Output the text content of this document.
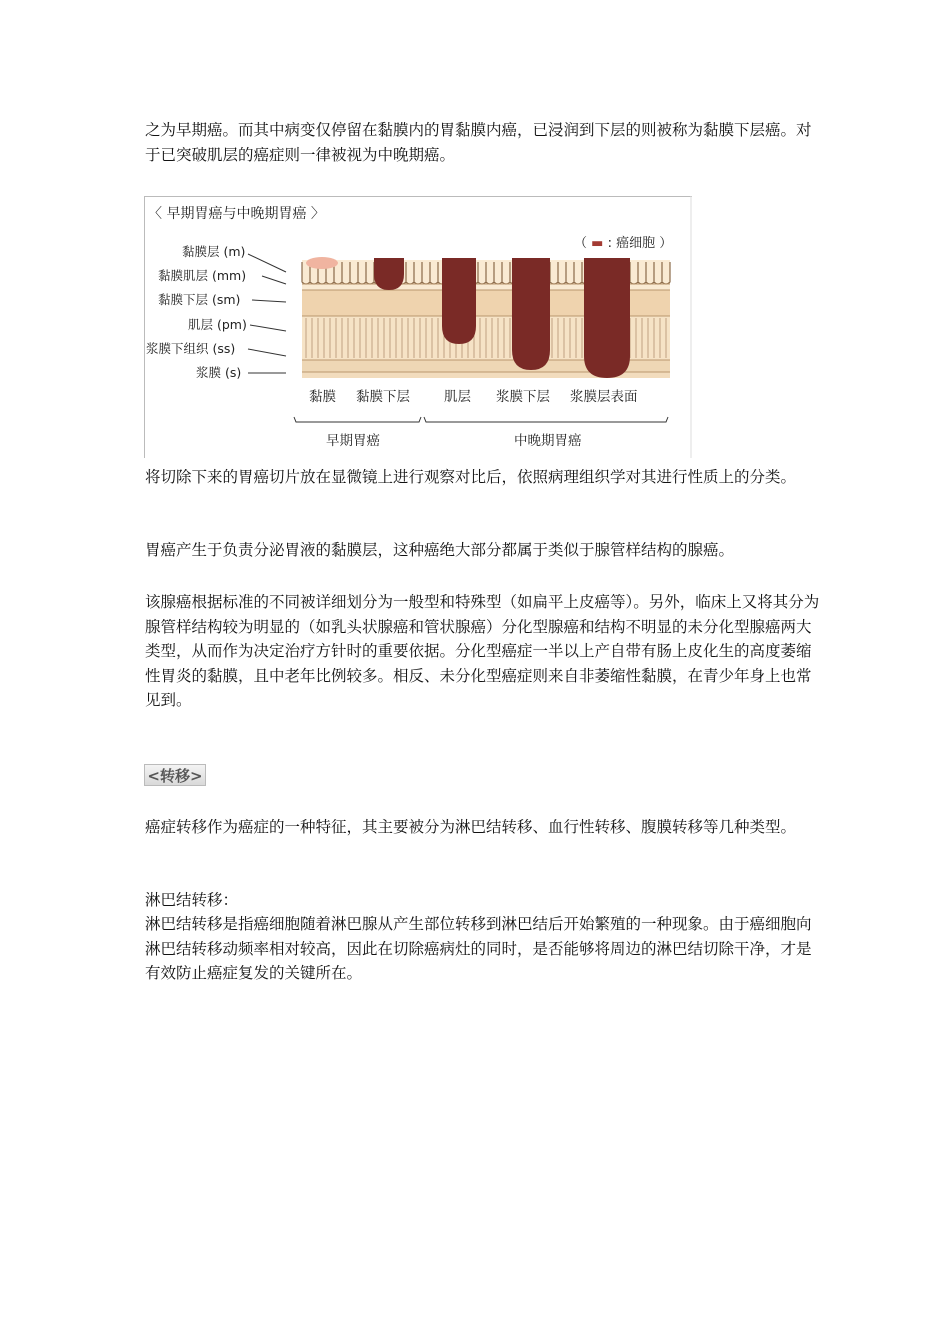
之为早期癌。而其中病变仅停留在黏膜内的胃黏膜内癌，已浸润到下层的则被称为黏膜下层癌。对于已突破肌层的癌症则一律被视为中晚期癌。

〈 早期胃癌与中晚期胃癌 〉
（ ▬ : 癌细胞 ）
黏膜层 (m)
黏膜肌层 (mm)
黏膜下层 (sm)
肌层 (pm)
浆膜下组织 (ss)
浆膜 (s)
黏膜 黏膜下层	肌层 浆膜下层 浆膜层表面
早期胃癌	中晚期胃癌

将切除下来的胃癌切片放在显微镜上进行观察对比后，依照病理组织学对其进行性质上的分类。

胃癌产生于负责分泌胃液的黏膜层，这种癌绝大部分都属于类似于腺管样结构的腺癌。

该腺癌根据标准的不同被详细划分为一般型和特殊型（如扁平上皮癌等）。另外，临床上又将其分为腺管样结构较为明显的（如乳头状腺癌和管状腺癌）分化型腺癌和结构不明显的未分化型腺癌两大类型，从而作为决定治疗方针时的重要依据。分化型癌症一半以上产自带有肠上皮化生的高度萎缩性胃炎的黏膜，且中老年比例较多。相反、未分化型癌症则来自非萎缩性黏膜，在青少年身上也常见到。

<转移>

癌症转移作为癌症的一种特征，其主要被分为淋巴结转移、血行性转移、腹膜转移等几种类型。

淋巴结转移：

淋巴结转移是指癌细胞随着淋巴腺从产生部位转移到淋巴结后开始繁殖的一种现象。由于癌细胞向淋巴结转移动频率相对较高，因此在切除癌病灶的同时，是否能够将周边的淋巴结切除干净，才是有效防止癌症复发的关键所在。
